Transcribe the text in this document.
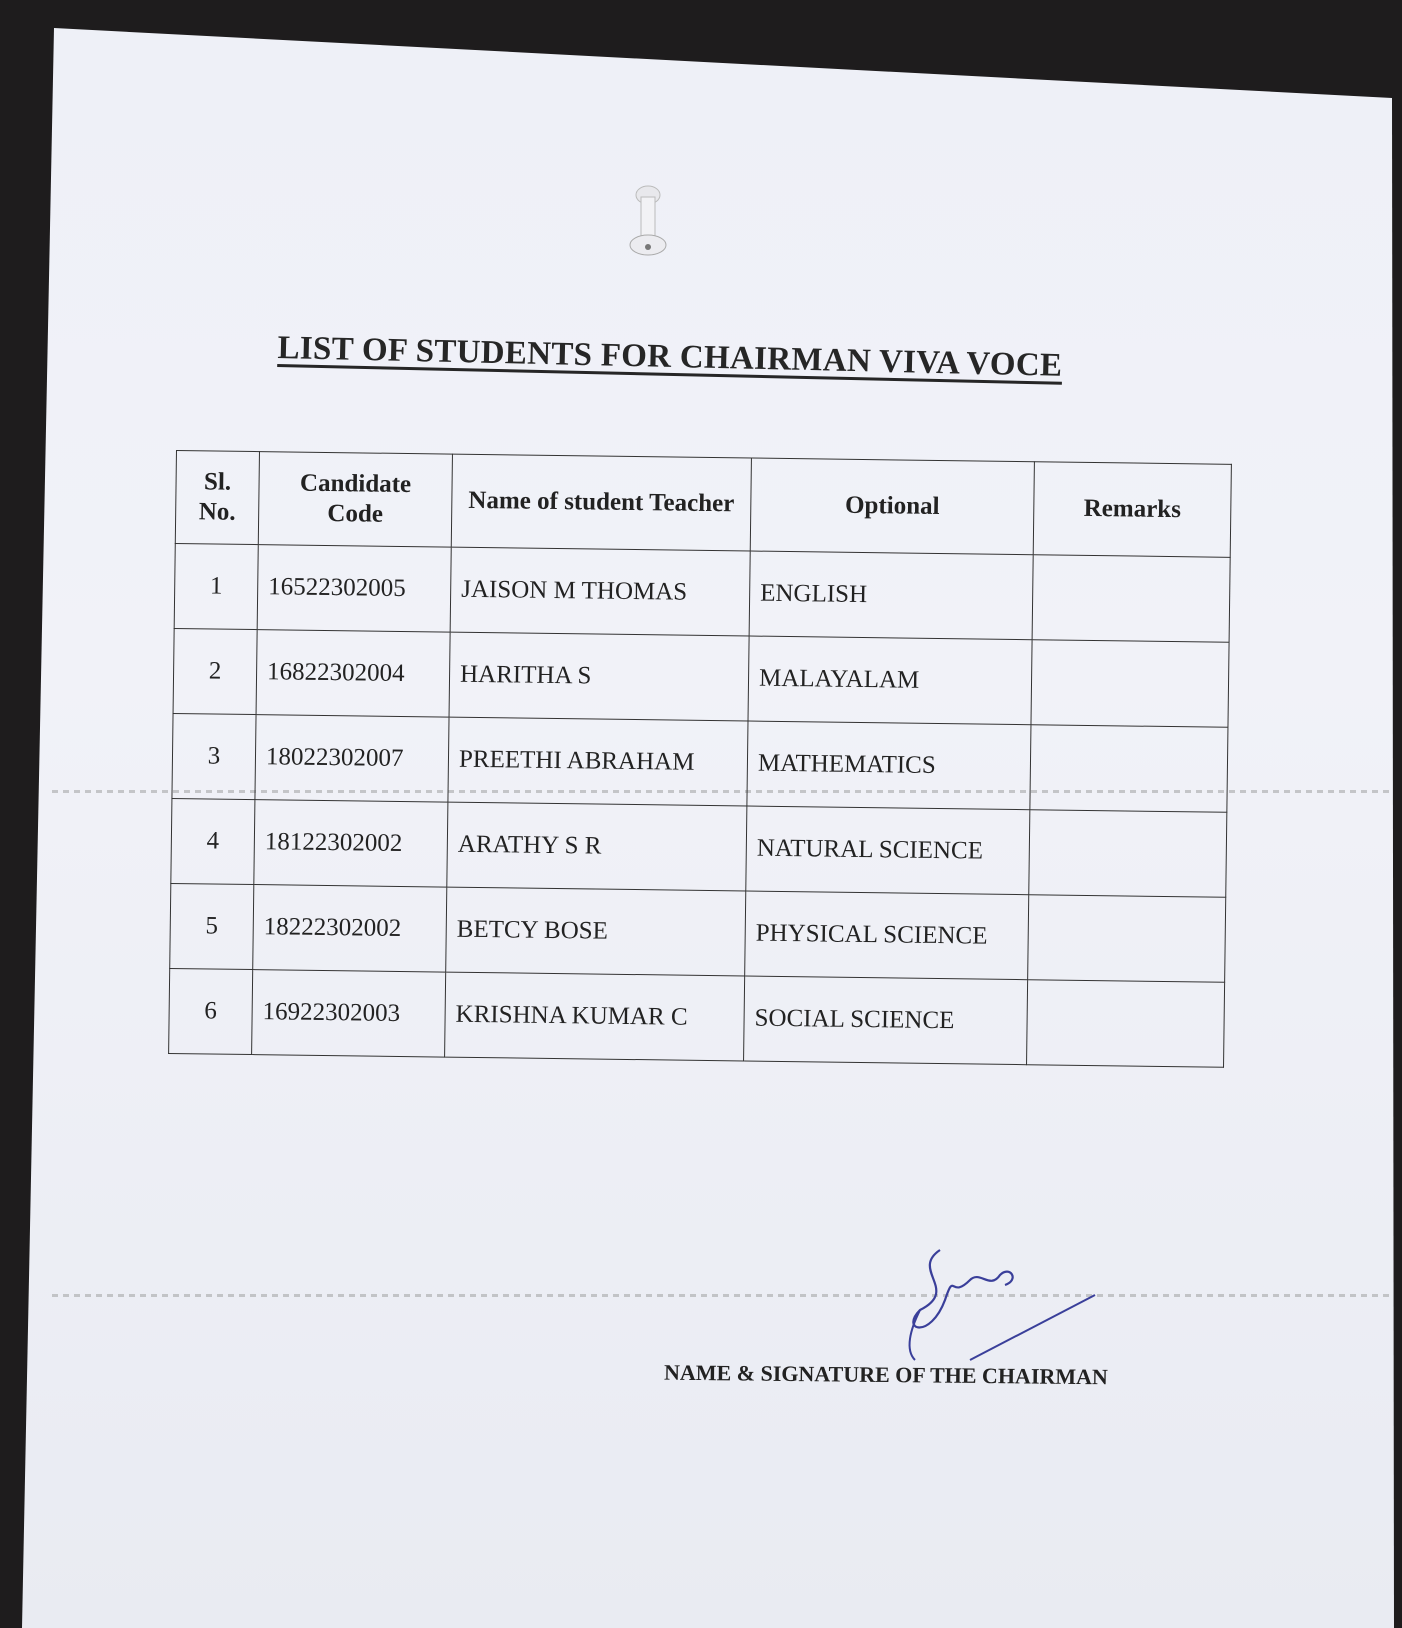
LIST OF STUDENTS FOR CHAIRMAN VIVA VOCE
Sl. No.	Candidate Code	Name of student Teacher	Optional	Remarks
1	16522302005	JAISON M THOMAS	ENGLISH	
2	16822302004	HARITHA S	MALAYALAM	
3	18022302007	PREETHI ABRAHAM	MATHEMATICS	
4	18122302002	ARATHY S R	NATURAL SCIENCE	
5	18222302002	BETCY BOSE	PHYSICAL SCIENCE	
6	16922302003	KRISHNA KUMAR C	SOCIAL SCIENCE	
NAME & SIGNATURE OF THE CHAIRMAN
